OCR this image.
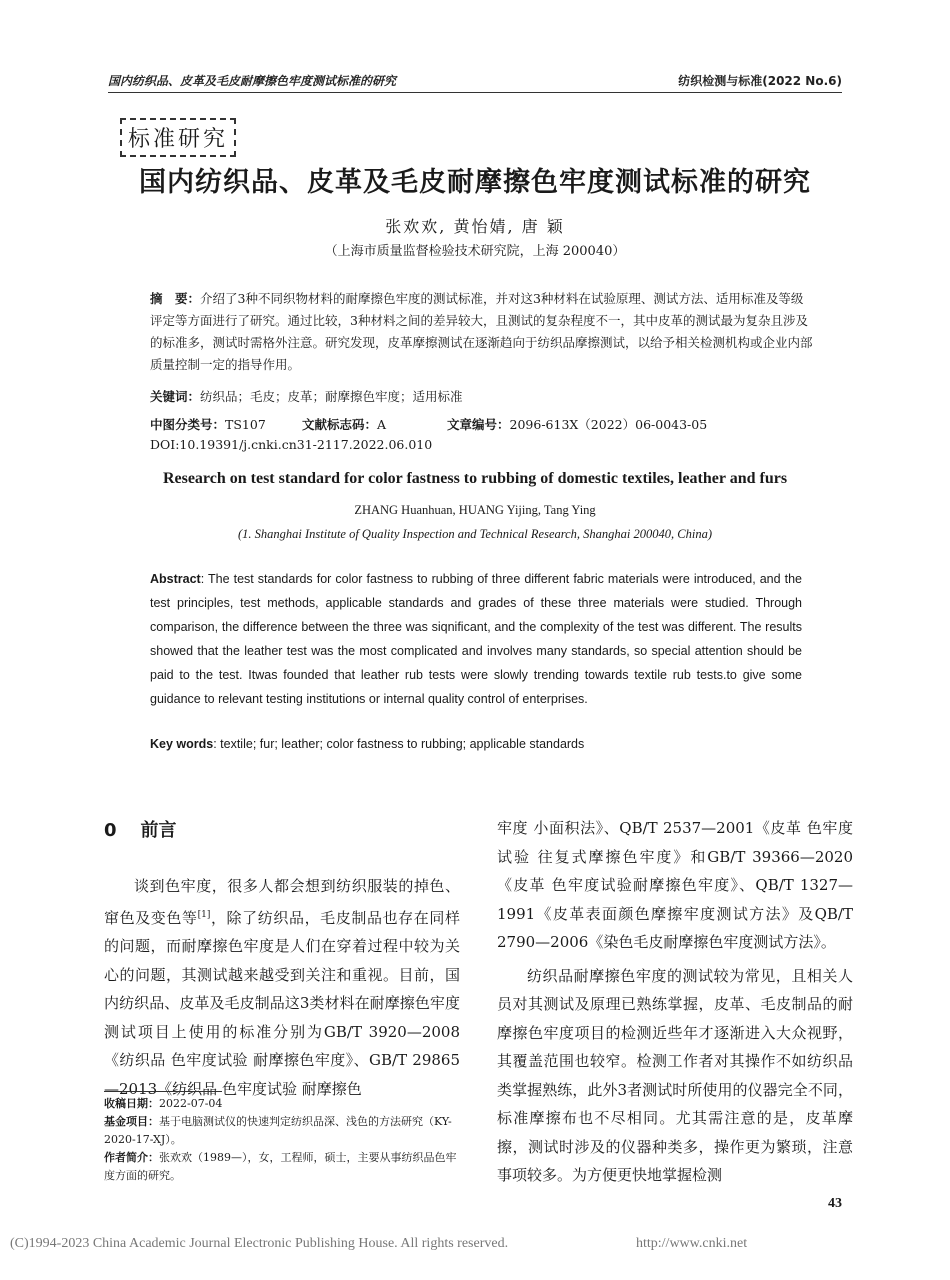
国内纺织品、皮革及毛皮耐摩擦色牢度测试标准的研究	纺织检测与标准(2022 No.6)
标准研究
国内纺织品、皮革及毛皮耐摩擦色牢度测试标准的研究
张欢欢, 黄怡婧, 唐 颖
（上海市质量监督检验技术研究院，上海 200040）
摘　要：介绍了3种不同织物材料的耐摩擦色牢度的测试标准，并对这3种材料在试验原理、测试方法、适用标准及等级评定等方面进行了研究。通过比较，3种材料之间的差异较大，且测试的复杂程度不一，其中皮革的测试最为复杂且涉及的标准多，测试时需格外注意。研究发现，皮革摩擦测试在逐渐趋向于纺织品摩擦测试，以给予相关检测机构或企业内部质量控制一定的指导作用。
关键词：纺织品；毛皮；皮革；耐摩擦色牢度；适用标准
中图分类号：TS107	文献标志码：A	文章编号：2096-613X（2022）06-0043-05
DOI:10.19391/j.cnki.cn31-2117.2022.06.010
Research on test standard for color fastness to rubbing of domestic textiles, leather and furs
ZHANG Huanhuan, HUANG Yijing, Tang Ying
(1. Shanghai Institute of Quality Inspection and Technical Research, Shanghai 200040, China)
Abstract: The test standards for color fastness to rubbing of three different fabric materials were introduced, and the test principles, test methods, applicable standards and grades of these three materials were studied. Through comparison, the difference between the three was siqnificant, and the complexity of the test was different. The results showed that the leather test was the most complicated and involves many standards, so special attention should be paid to the test. Itwas founded that leather rub tests were slowly trending towards textile rub tests.to give some guidance to relevant testing institutions or internal quality control of enterprises.
Key words: textile; fur; leather; color fastness to rubbing; applicable standards
0 前言

谈到色牢度，很多人都会想到纺织服装的掉色、窜色及变色等[1]，除了纺织品，毛皮制品也存在同样的问题，而耐摩擦色牢度是人们在穿着过程中较为关心的问题，其测试越来越受到关注和重视。目前，国内纺织品、皮革及毛皮制品这3类材料在耐摩擦色牢度测试项目上使用的标准分别为GB/T 3920—2008《纺织品 色牢度试验 耐摩擦色牢度》、GB/T 29865—2013《纺织品 色牢度试验 耐摩擦色

牢度 小面积法》、QB/T 2537—2001《皮革 色牢度试验 往复式摩擦色牢度》和GB/T 39366—2020《皮革 色牢度试验耐摩擦色牢度》、QB/T 1327—1991《皮革表面颜色摩擦牢度测试方法》及QB/T 2790—2006《染色毛皮耐摩擦色牢度测试方法》。

纺织品耐摩擦色牢度的测试较为常见，且相关人员对其测试及原理已熟练掌握，皮革、毛皮制品的耐摩擦色牢度项目的检测近些年才逐渐进入大众视野，其覆盖范围也较窄。检测工作者对其操作不如纺织品类掌握熟练，此外3者测试时所使用的仪器完全不同，标准摩擦布也不尽相同。尤其需注意的是，皮革摩擦，测试时涉及的仪器种类多，操作更为繁琐，注意事项较多。为方便更快地掌握检测

收稿日期：2022-07-04

基金项目：基于电脑测试仪的快速判定纺织品深、浅色的方法研究（KY-2020-17-XJ）。

作者简介：张欢欢（1989—），女，工程师，硕士，主要从事纺织品色牢度方面的研究。

43
(C)1994-2023 China Academic Journal Electronic Publishing House. All rights reserved.	http://www.cnki.net
